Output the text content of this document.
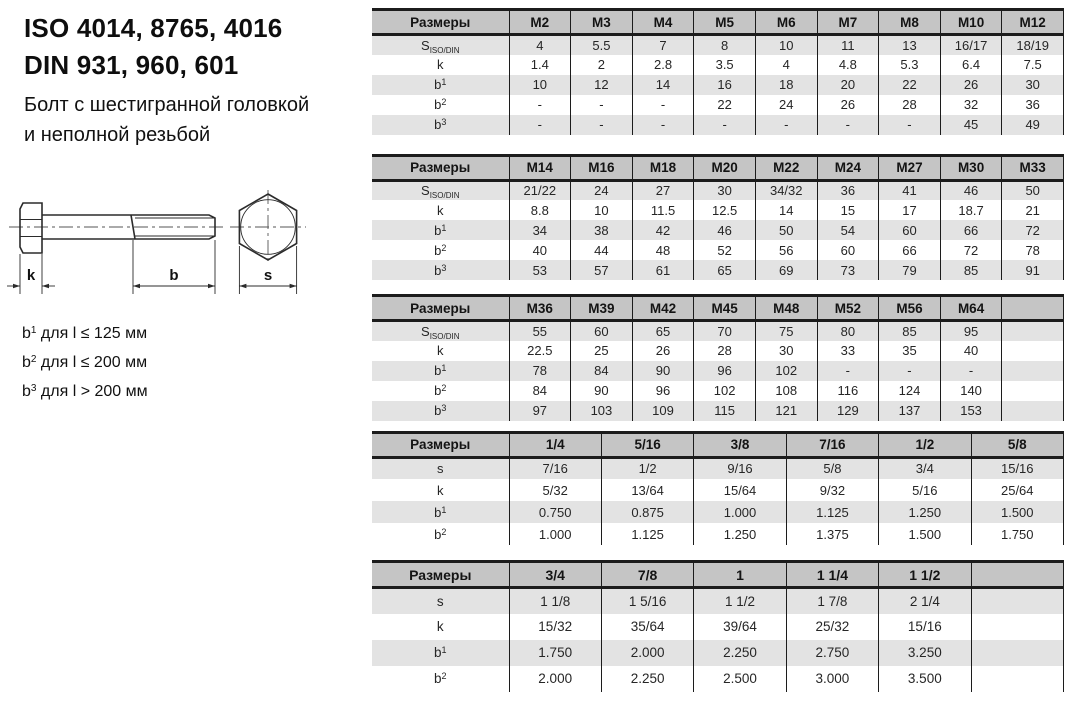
ISO 4014, 8765, 4016
DIN 931, 960, 601
Болт с шестигранной головкой
и неполной резьбой
k	b	s
$b^1$ для l ≤ 125 мм
$b^2$ для l ≤ 200 мм
$b^3$ для l > 200 мм
Размеры	M2	M3	M4	M5	M6	M7	M8	M10	M12
$S_{ISO/DIN}$	4	5.5	7	8	10	11	13	16/17	18/19
k	1.4	2	2.8	3.5	4	4.8	5.3	6.4	7.5
$b^1$	10	12	14	16	18	20	22	26	30
$b^2$	-	-	-	22	24	26	28	32	36
$b^3$	-	-	-	-	-	-	-	45	49
Размеры	M14	M16	M18	M20	M22	M24	M27	M30	M33
$S_{ISO/DIN}$	21/22	24	27	30	34/32	36	41	46	50
k	8.8	10	11.5	12.5	14	15	17	18.7	21
$b^1$	34	38	42	46	50	54	60	66	72
$b^2$	40	44	48	52	56	60	66	72	78
$b^3$	53	57	61	65	69	73	79	85	91
Размеры	M36	M39	M42	M45	M48	M52	M56	M64	
$S_{ISO/DIN}$	55	60	65	70	75	80	85	95	
k	22.5	25	26	28	30	33	35	40	
$b^1$	78	84	90	96	102	-	-	-	
$b^2$	84	90	96	102	108	116	124	140	
$b^3$	97	103	109	115	121	129	137	153	
Размеры	1/4	5/16	3/8	7/16	1/2	5/8
s	7/16	1/2	9/16	5/8	3/4	15/16
k	5/32	13/64	15/64	9/32	5/16	25/64
$b^1$	0.750	0.875	1.000	1.125	1.250	1.500
$b^2$	1.000	1.125	1.250	1.375	1.500	1.750
Размеры	3/4	7/8	1	1 1/4	1 1/2	
s	1 1/8	1 5/16	1 1/2	1 7/8	2 1/4	
k	15/32	35/64	39/64	25/32	15/16	
$b^1$	1.750	2.000	2.250	2.750	3.250	
$b^2$	2.000	2.250	2.500	3.000	3.500	
